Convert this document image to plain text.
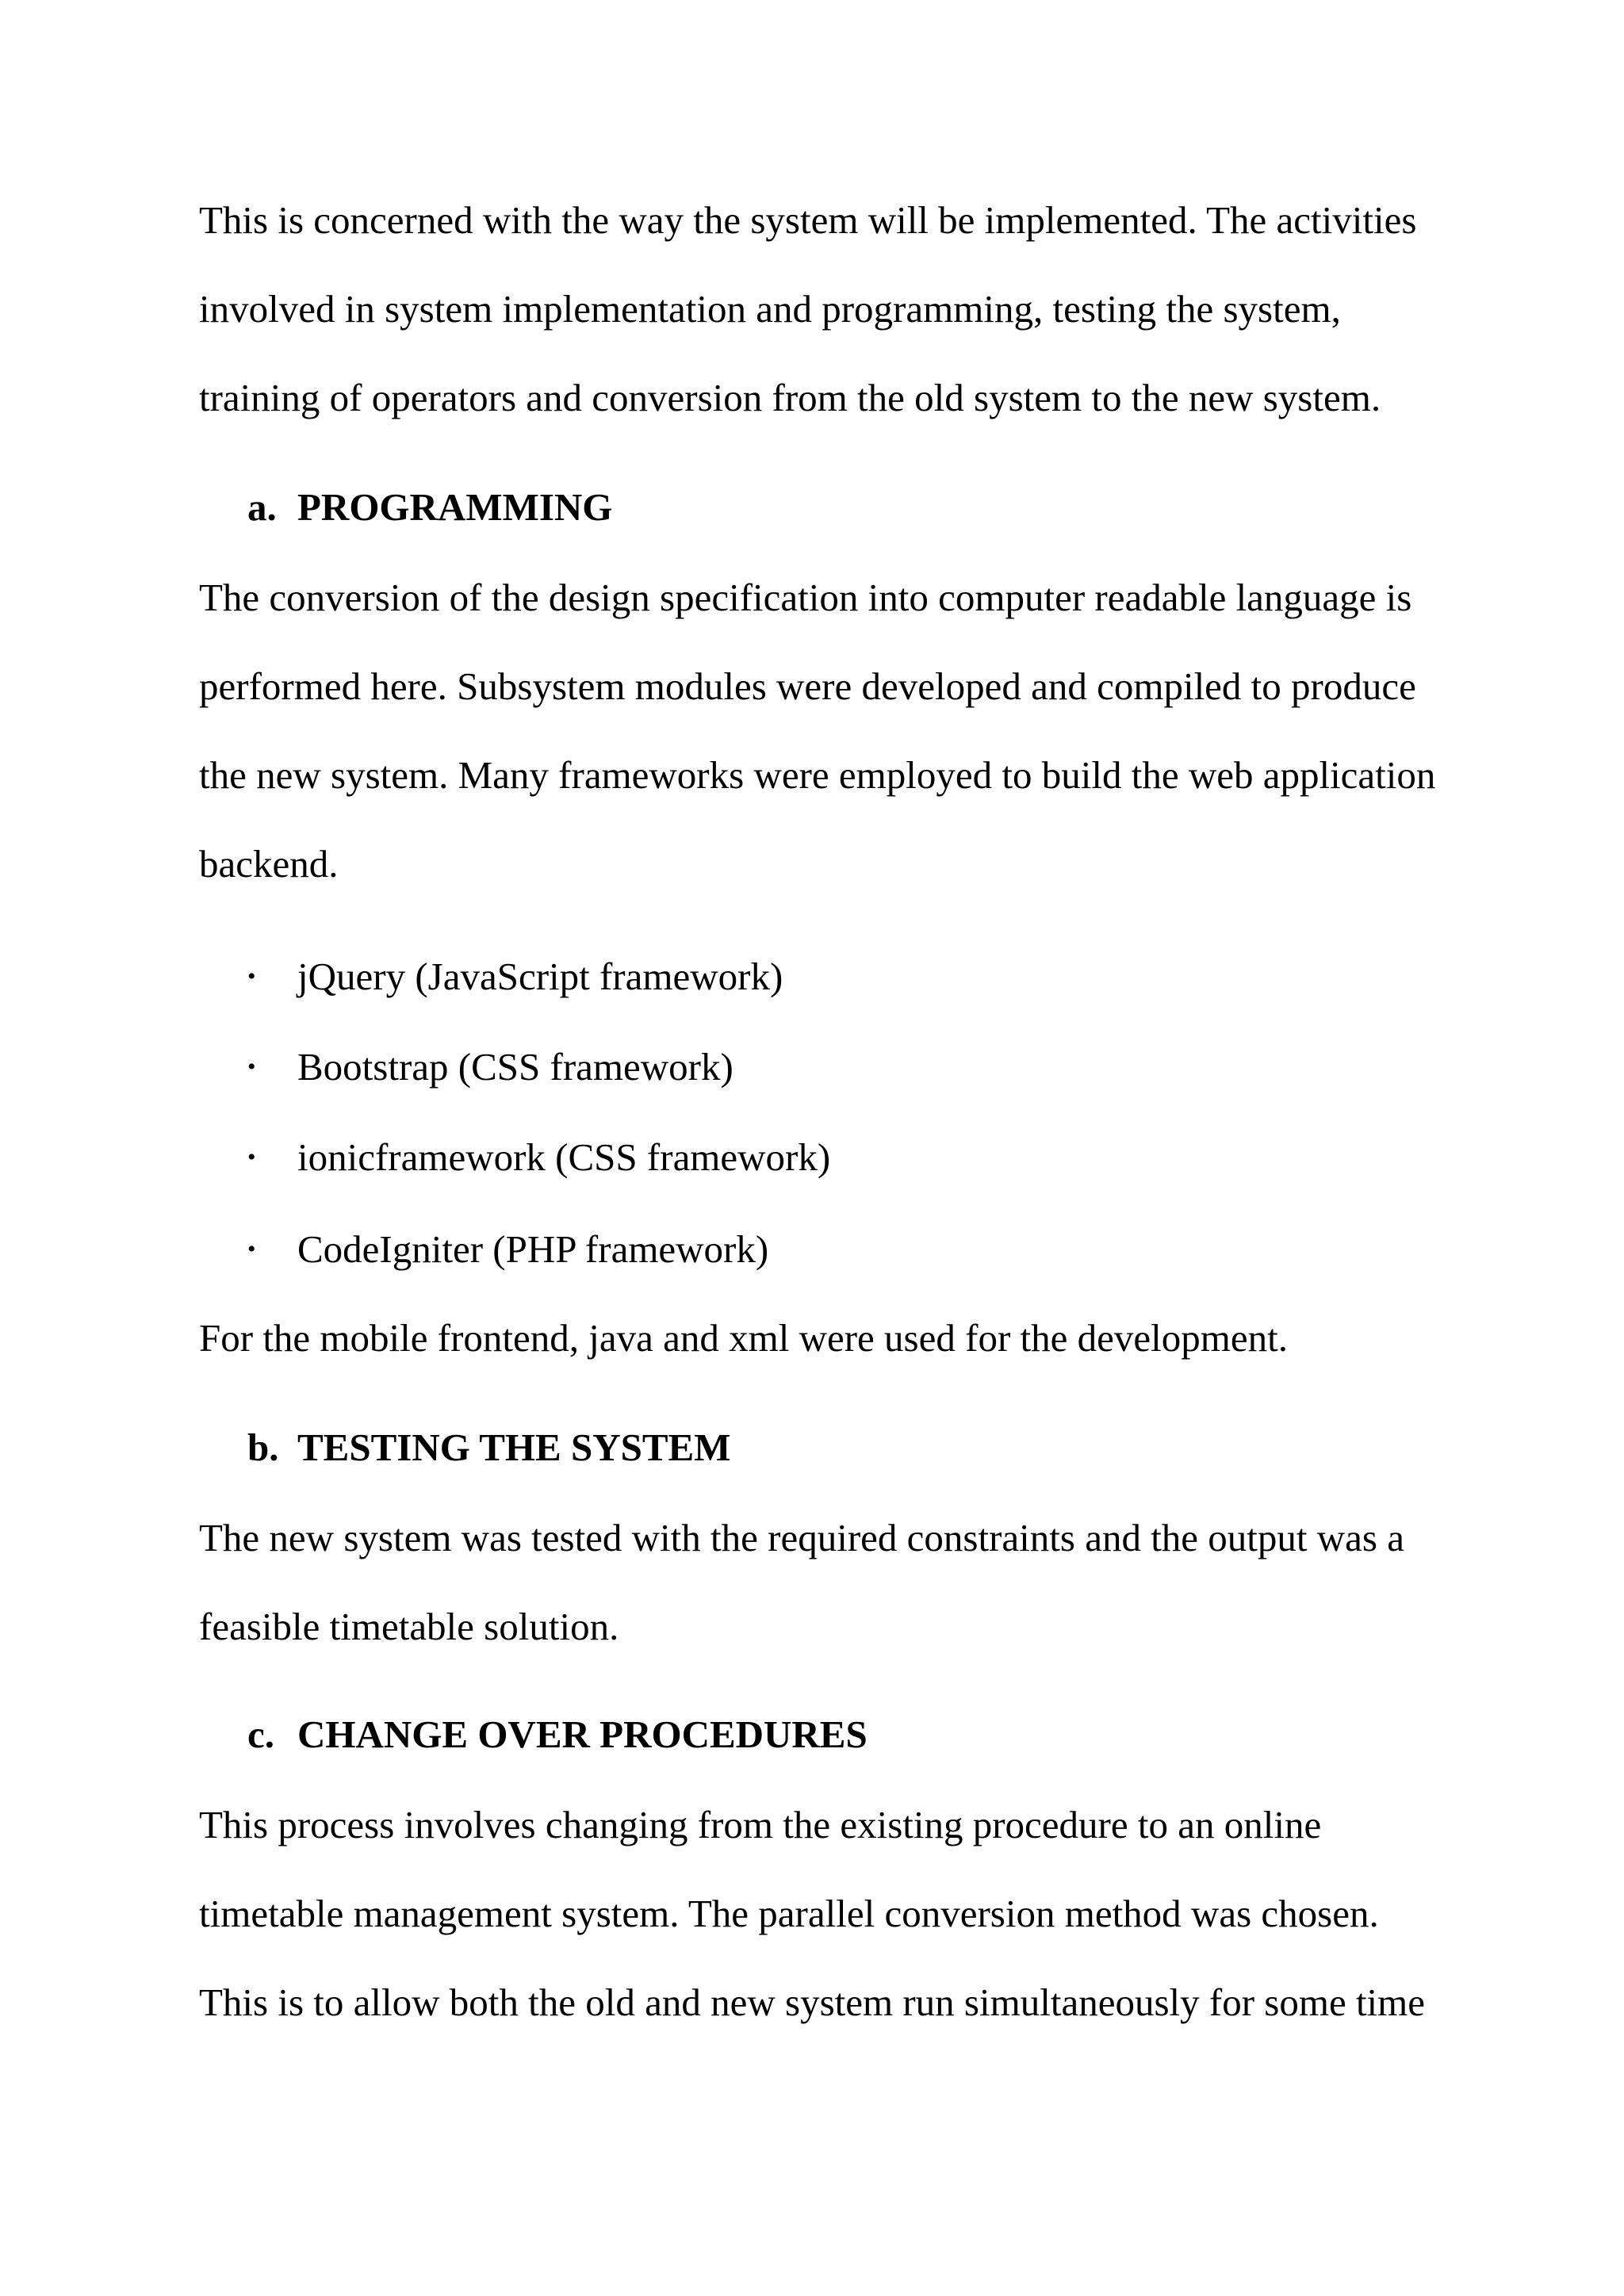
This is concerned with the way the system will be implemented. The activities

involved in system implementation and programming, testing the system,

training of operators and conversion from the old system to the new system.

a. PROGRAMMING

The conversion of the design specification into computer readable language is

performed here. Subsystem modules were developed and compiled to produce

the new system. Many frameworks were employed to build the web application

backend.

• jQuery (JavaScript framework)
• Bootstrap (CSS framework)
• ionicframework (CSS framework)
• CodeIgniter (PHP framework)

For the mobile frontend, java and xml were used for the development.

b. TESTING THE SYSTEM

The new system was tested with the required constraints and the output was a

feasible timetable solution.

c. CHANGE OVER PROCEDURES

This process involves changing from the existing procedure to an online

timetable management system. The parallel conversion method was chosen.

This is to allow both the old and new system run simultaneously for some time
